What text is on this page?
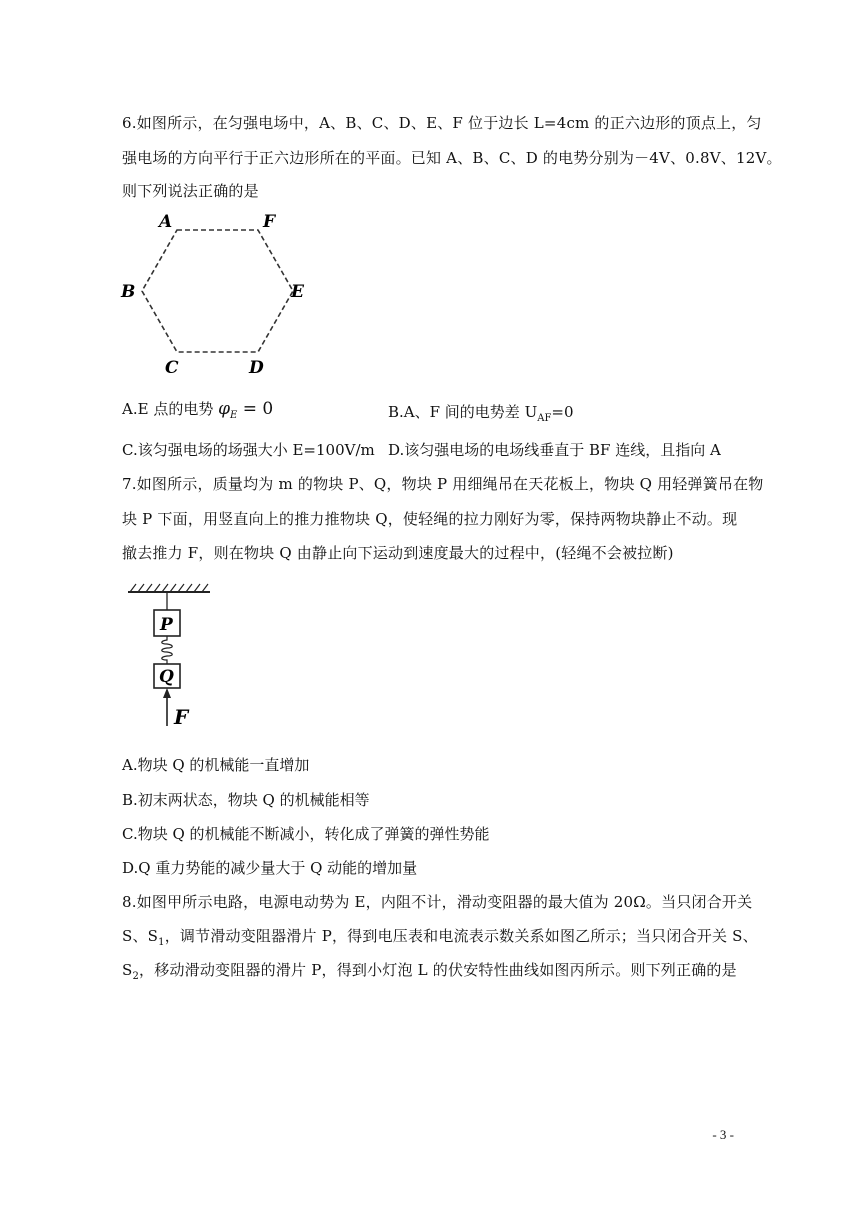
6.如图所示，在匀强电场中，A、B、C、D、E、F 位于边长 L=4cm 的正六边形的顶点上，匀
强电场的方向平行于正六边形所在的平面。已知 A、B、C、D 的电势分别为－4V、0.8V、12V。
则下列说法正确的是
A	F
B	E
C	D
A.E 点的电势 $\varphi_E = 0$	B.A、F 间的电势差 $U_{AF}=0$
C.该匀强电场的场强大小 E=100V/m D.该匀强电场的电场线垂直于 BF 连线，且指向 A
7.如图所示，质量均为 m 的物块 P、Q，物块 P 用细绳吊在天花板上，物块 Q 用轻弹簧吊在物
块 P 下面，用竖直向上的推力推物块 Q，使轻绳的拉力刚好为零，保持两物块静止不动。现
撤去推力 F，则在物块 Q 由静止向下运动到速度最大的过程中，(轻绳不会被拉断)
P
Q
F
A.物块 Q 的机械能一直增加
B.初末两状态，物块 Q 的机械能相等
C.物块 Q 的机械能不断减小，转化成了弹簧的弹性势能
D.Q 重力势能的减少量大于 Q 动能的增加量
8.如图甲所示电路，电源电动势为 E，内阻不计，滑动变阻器的最大值为 20Ω。当只闭合开关
S、$S_1$，调节滑动变阻器滑片 P，得到电压表和电流表示数关系如图乙所示；当只闭合开关 S、
$S_2$，移动滑动变阻器的滑片 P，得到小灯泡 L 的伏安特性曲线如图丙所示。则下列正确的是
- 3 -
